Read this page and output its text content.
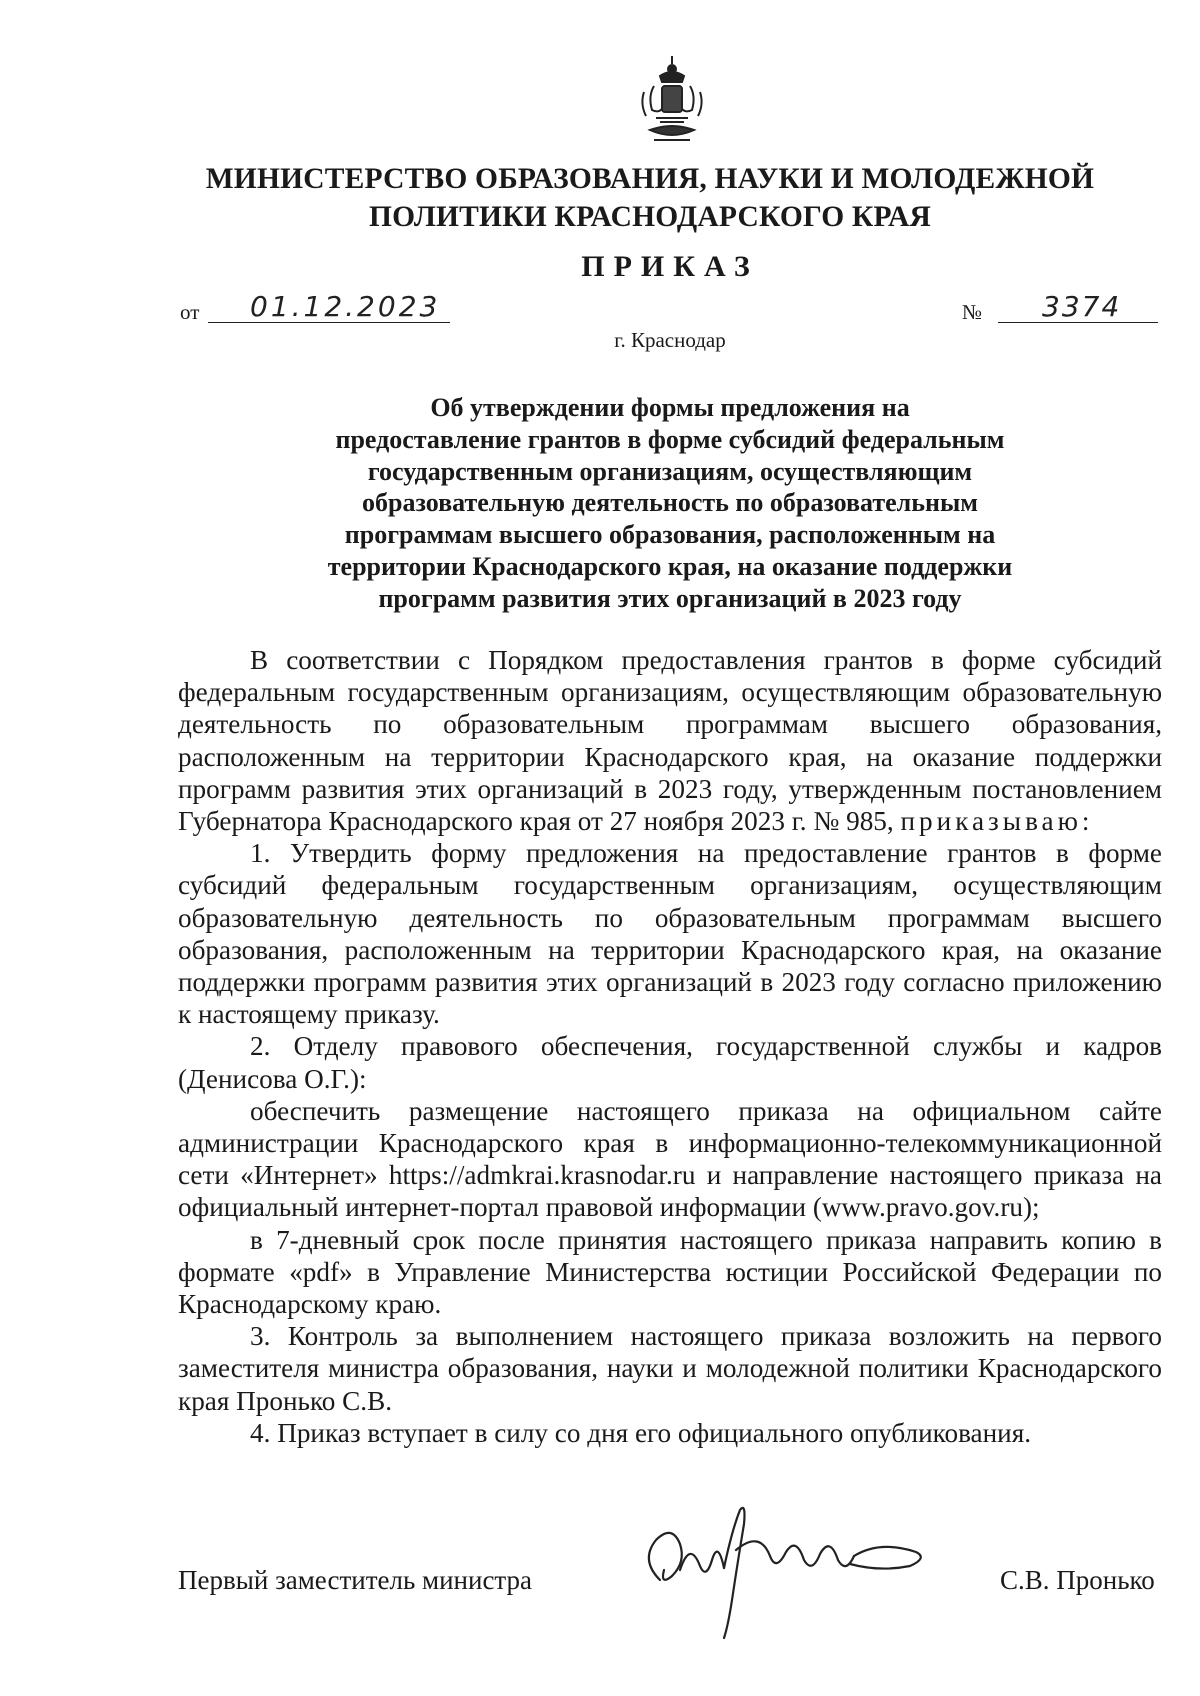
МИНИСТЕРСТВО ОБРАЗОВАНИЯ, НАУКИ И МОЛОДЕЖНОЙ
ПОЛИТИКИ КРАСНОДАРСКОГО КРАЯ
ПРИКАЗ
от 01.12.2023	№ 3374
г. Краснодар
Об утверждении формы предложения на
предоставление грантов в форме субсидий федеральным
государственным организациям, осуществляющим
образовательную деятельность по образовательным
программам высшего образования, расположенным на
территории Краснодарского края, на оказание поддержки
программ развития этих организаций в 2023 году

В соответствии с Порядком предоставления грантов в форме субсидий федеральным государственным организациям, осуществляющим образовательную деятельность по образовательным программам высшего образования, расположенным на территории Краснодарского края, на оказание поддержки программ развития этих организаций в 2023 году, утвержденным постановлением Губернатора Краснодарского края от 27 ноября 2023 г. № 985, приказываю:

1. Утвердить форму предложения на предоставление грантов в форме субсидий федеральным государственным организациям, осуществляющим образовательную деятельность по образовательным программам высшего образования, расположенным на территории Краснодарского края, на оказание поддержки программ развития этих организаций в 2023 году согласно приложению к настоящему приказу.

2. Отделу правового обеспечения, государственной службы и кадров (Денисова О.Г.):

обеспечить размещение настоящего приказа на официальном сайте администрации Краснодарского края в информационно-телекоммуникационной сети «Интернет» https://admkrai.krasnodar.ru и направление настоящего приказа на официальный интернет-портал правовой информации (www.pravo.gov.ru);

в 7-дневный срок после принятия настоящего приказа направить копию в формате «pdf» в Управление Министерства юстиции Российской Федерации по Краснодарскому краю.

3. Контроль за выполнением настоящего приказа возложить на первого заместителя министра образования, науки и молодежной политики Краснодарского края Пронько С.В.

4. Приказ вступает в силу со дня его официального опубликования.

Первый заместитель министра	С.В. Пронько
